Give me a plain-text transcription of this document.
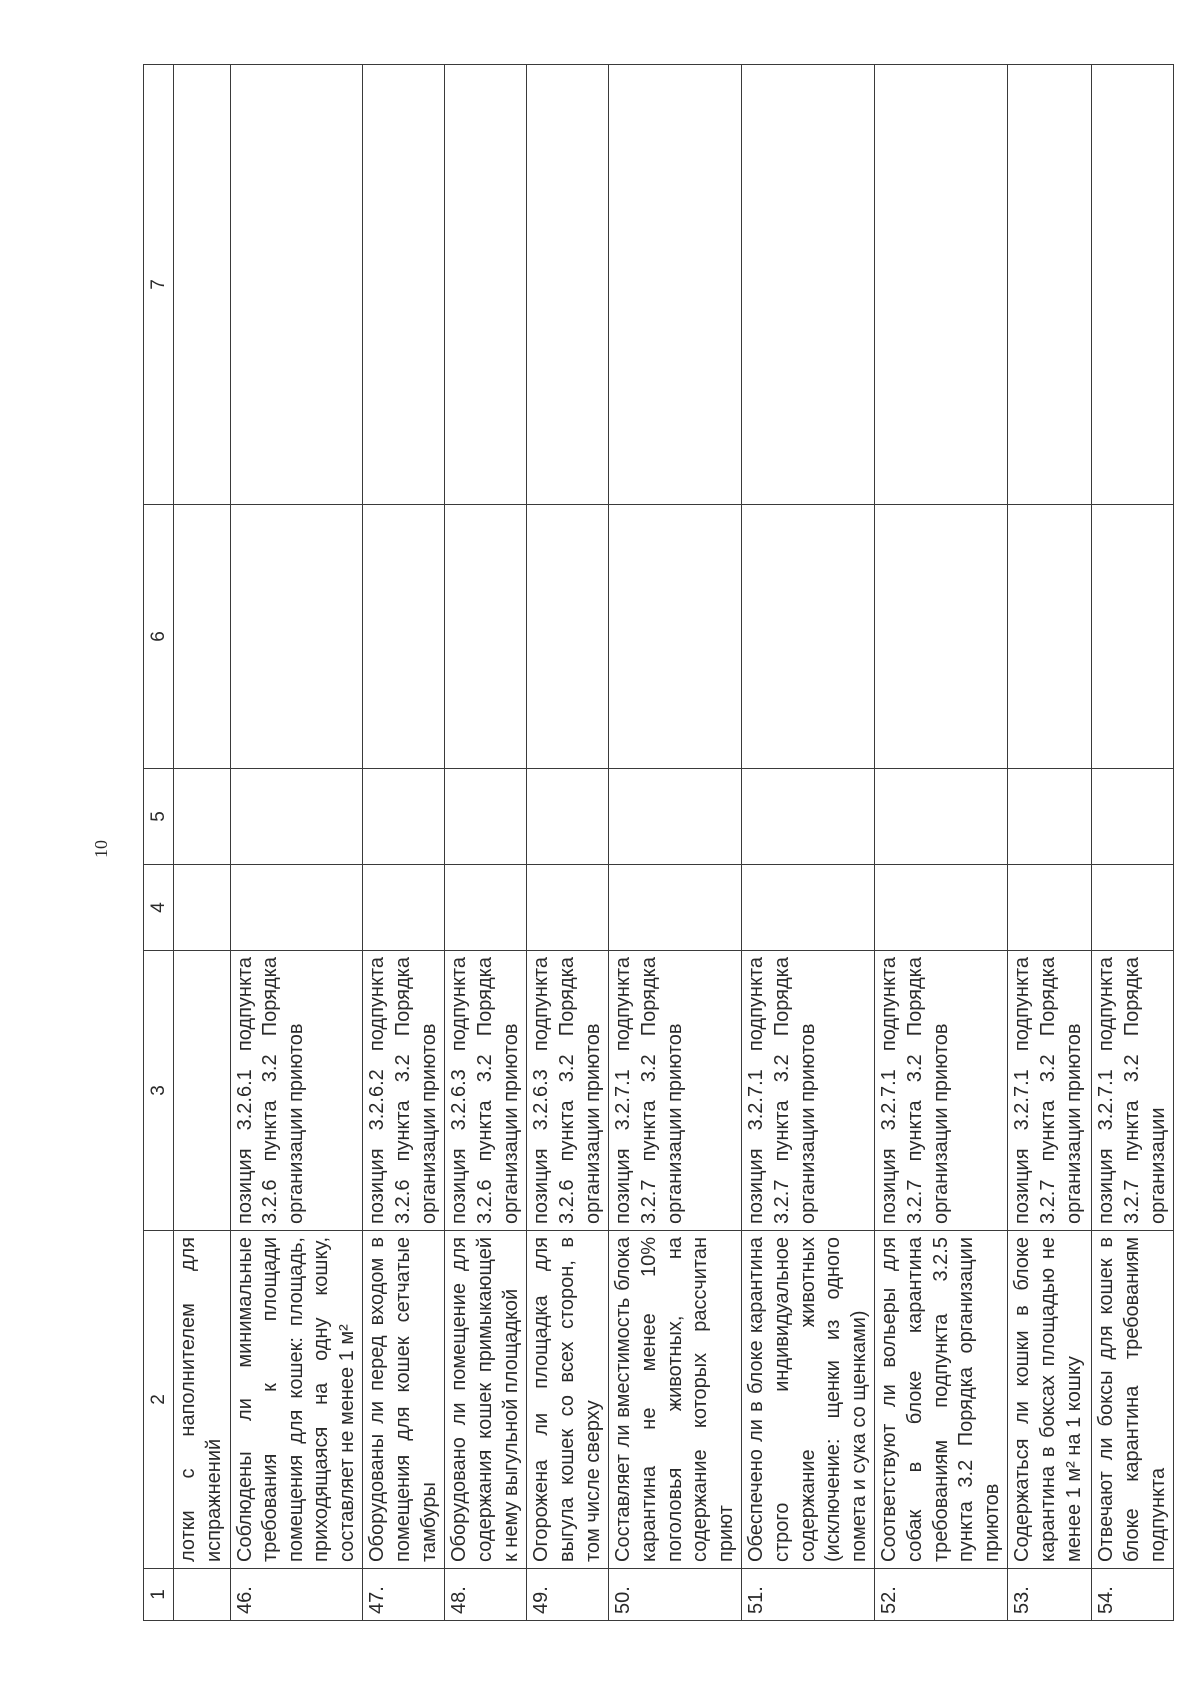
10
1	2	3	4	5	6	7
	лотки с наполнителем для испражнений					
46.	Соблюдены ли минимальные требования к площади помещения для кошек: площадь, приходящаяся на одну кошку, составляет не менее 1 м²	позиция 3.2.6.1 подпункта 3.2.6 пункта 3.2 Порядка организации приютов				
47.	Оборудованы ли перед входом в помещения для кошек сетчатые тамбуры	позиция 3.2.6.2 подпункта 3.2.6 пункта 3.2 Порядка организации приютов				
48.	Оборудовано ли помещение для содержания кошек примыкающей к нему выгульной площадкой	позиция 3.2.6.3 подпункта 3.2.6 пункта 3.2 Порядка организации приютов				
49.	Огорожена ли площадка для выгула кошек со всех сторон, в том числе сверху	позиция 3.2.6.3 подпункта 3.2.6 пункта 3.2 Порядка организации приютов				
50.	Составляет ли вместимость блока карантина не менее 10% поголовья животных, на содержание которых рассчитан приют	позиция 3.2.7.1 подпункта 3.2.7 пункта 3.2 Порядка организации приютов				
51.	Обеспечено ли в блоке карантина строго индивидуальное содержание животных (исключение: щенки из одного помета и сука со щенками)	позиция 3.2.7.1 подпункта 3.2.7 пункта 3.2 Порядка организации приютов				
52.	Соответствуют ли вольеры для собак в блоке карантина требованиям подпункта 3.2.5 пункта 3.2 Порядка организации приютов	позиция 3.2.7.1 подпункта 3.2.7 пункта 3.2 Порядка организации приютов				
53.	Содержаться ли кошки в блоке карантина в боксах площадью не менее 1 м² на 1 кошку	позиция 3.2.7.1 подпункта 3.2.7 пункта 3.2 Порядка организации приютов				
54.	Отвечают ли боксы для кошек в блоке карантина требованиям подпункта	позиция 3.2.7.1 подпункта 3.2.7 пункта 3.2 Порядка организации				
